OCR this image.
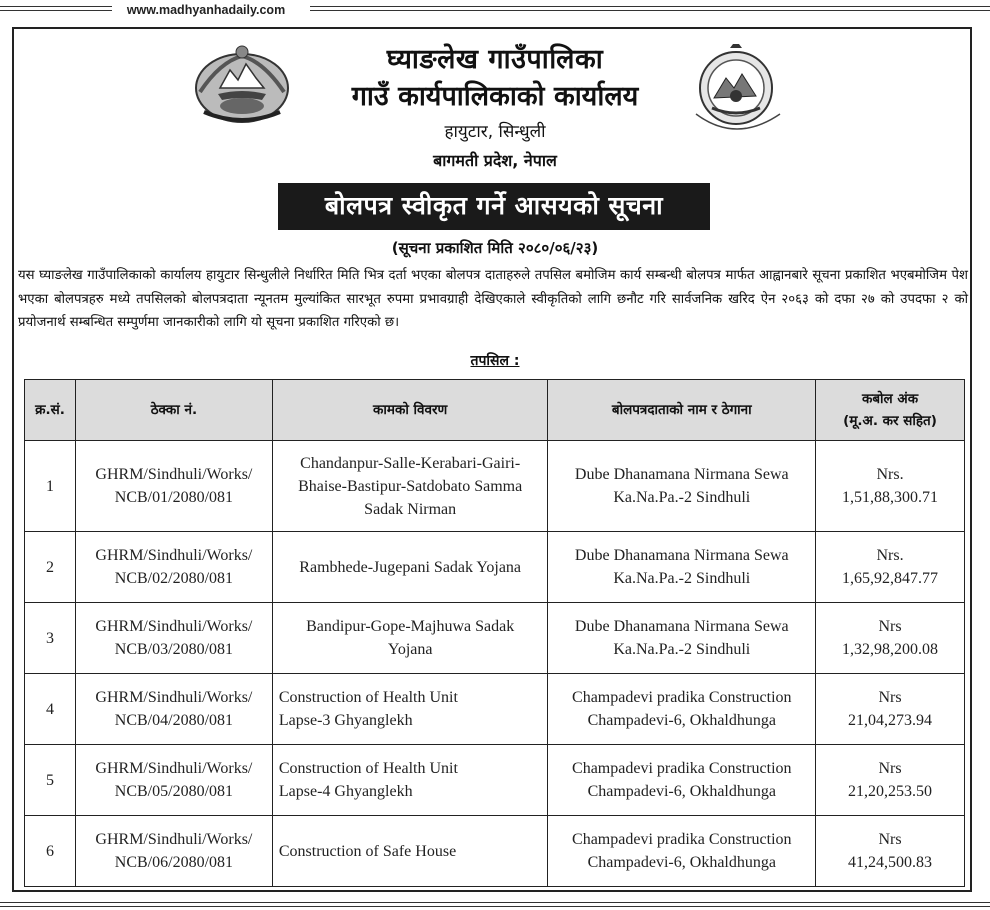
www.madhyanhadaily.com
घ्याङलेख गाउँपालिका
गाउँ कार्यपालिकाको कार्यालय
हायुटार, सिन्धुली
बागमती प्रदेश, नेपाल
बोलपत्र स्वीकृत गर्ने आसयको सूचना
(सूचना प्रकाशित मिति २०८०/०६/२३)
यस घ्याङलेख गाउँपालिकाको कार्यालय हायुटार सिन्धुलीले निर्धारित मिति भित्र दर्ता भएका बोलपत्र दाताहरुले तपसिल बमोजिम कार्य सम्बन्धी बोलपत्र मार्फत आह्वानबारे सूचना प्रकाशित भएबमोजिम पेश भएका बोलपत्रहरु मध्ये तपसिलको बोलपत्रदाता न्यूनतम मुल्यांकित सारभूत रुपमा प्रभावग्राही देखिएकाले स्वीकृतिको लागि छनौट गरि सार्वजनिक खरिद ऐन २०६३ को दफा २७ को उपदफा २ को प्रयोजनार्थ सम्बन्धित सम्पुर्णमा जानकारीको लागि यो सूचना प्रकाशित गरिएको छ।
तपसिल :
क्र.सं.	ठेक्का नं.	कामको विवरण	बोलपत्रदाताको नाम र ठेगाना	कबोल अंक
(मू.अ. कर सहित)

1	GHRM/Sindhuli/Works/
NCB/01/2080/081	Chandanpur-Salle-Kerabari-Gairi-
Bhaise-Bastipur-Satdobato Samma
Sadak Nirman	Dube Dhanamana Nirmana Sewa
Ka.Na.Pa.-2 Sindhuli	Nrs.
1,51,88,300.71

2	GHRM/Sindhuli/Works/
NCB/02/2080/081	Rambhede-Jugepani Sadak Yojana	Dube Dhanamana Nirmana Sewa
Ka.Na.Pa.-2 Sindhuli	Nrs.
1,65,92,847.77

3	GHRM/Sindhuli/Works/
NCB/03/2080/081	Bandipur-Gope-Majhuwa Sadak
Yojana	Dube Dhanamana Nirmana Sewa
Ka.Na.Pa.-2 Sindhuli	Nrs
1,32,98,200.08

4	GHRM/Sindhuli/Works/
NCB/04/2080/081	Construction of Health Unit
Lapse-3 Ghyanglekh	Champadevi pradika Construction
Champadevi-6, Okhaldhunga	Nrs
21,04,273.94

5	GHRM/Sindhuli/Works/
NCB/05/2080/081	Construction of Health Unit
Lapse-4 Ghyanglekh	Champadevi pradika Construction
Champadevi-6, Okhaldhunga	Nrs
21,20,253.50

6	GHRM/Sindhuli/Works/
NCB/06/2080/081	Construction of Safe House	Champadevi pradika Construction
Champadevi-6, Okhaldhunga	Nrs
41,24,500.83
